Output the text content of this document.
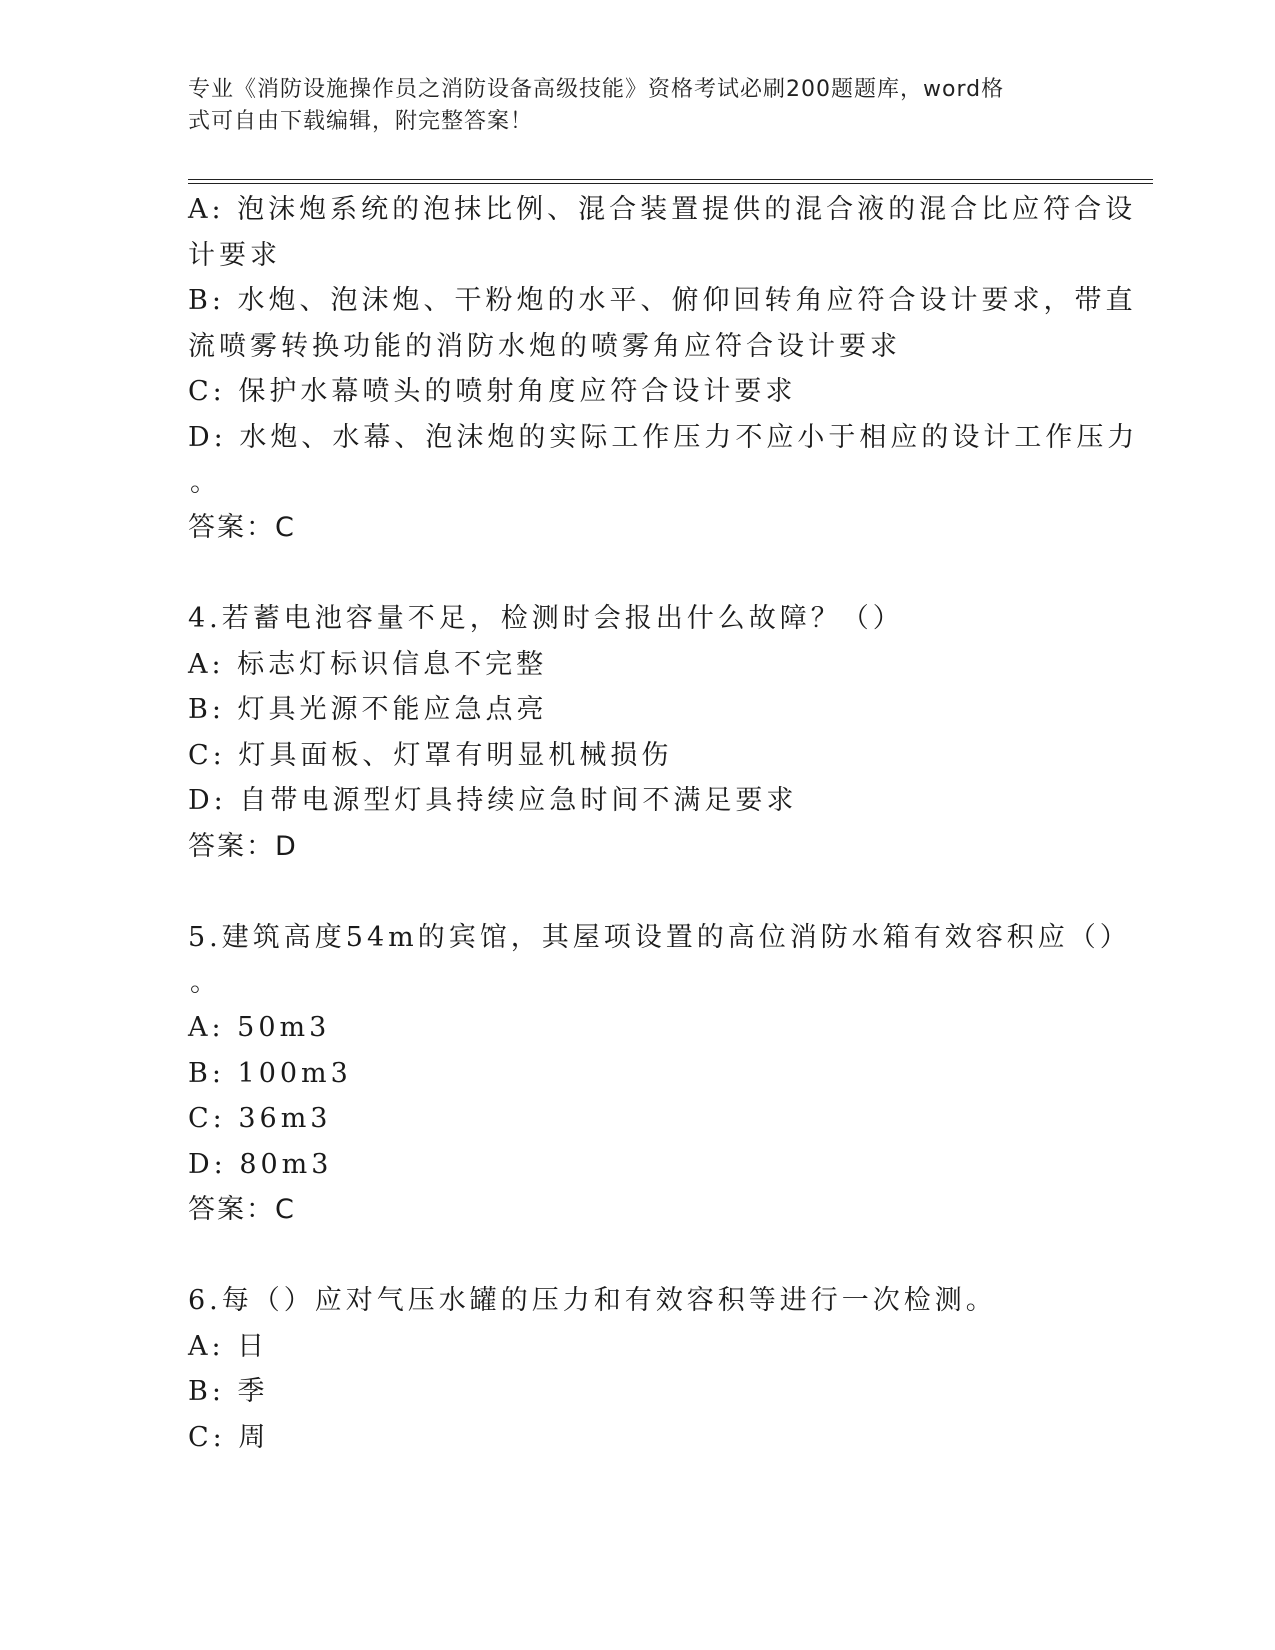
专业《消防设施操作员之消防设备高级技能》资格考试必刷200题题库，word格
式可自由下载编辑，附完整答案！
A: 泡沫炮系统的泡抹比例、混合装置提供的混合液的混合比应符合设
计要求
B: 水炮、泡沫炮、干粉炮的水平、俯仰回转角应符合设计要求，带直
流喷雾转换功能的消防水炮的喷雾角应符合设计要求
C: 保护水幕喷头的喷射角度应符合设计要求
D: 水炮、水幕、泡沫炮的实际工作压力不应小于相应的设计工作压力
。
答案：C
4.若蓄电池容量不足，检测时会报出什么故障？（）
A: 标志灯标识信息不完整
B: 灯具光源不能应急点亮
C: 灯具面板、灯罩有明显机械损伤
D: 自带电源型灯具持续应急时间不满足要求
答案：D
5.建筑高度54m的宾馆，其屋项设置的高位消防水箱有效容积应（）
。
A: 50m3
B: 100m3
C: 36m3
D: 80m3
答案：C
6.每（）应对气压水罐的压力和有效容积等进行一次检测。
A: 日
B: 季
C: 周
